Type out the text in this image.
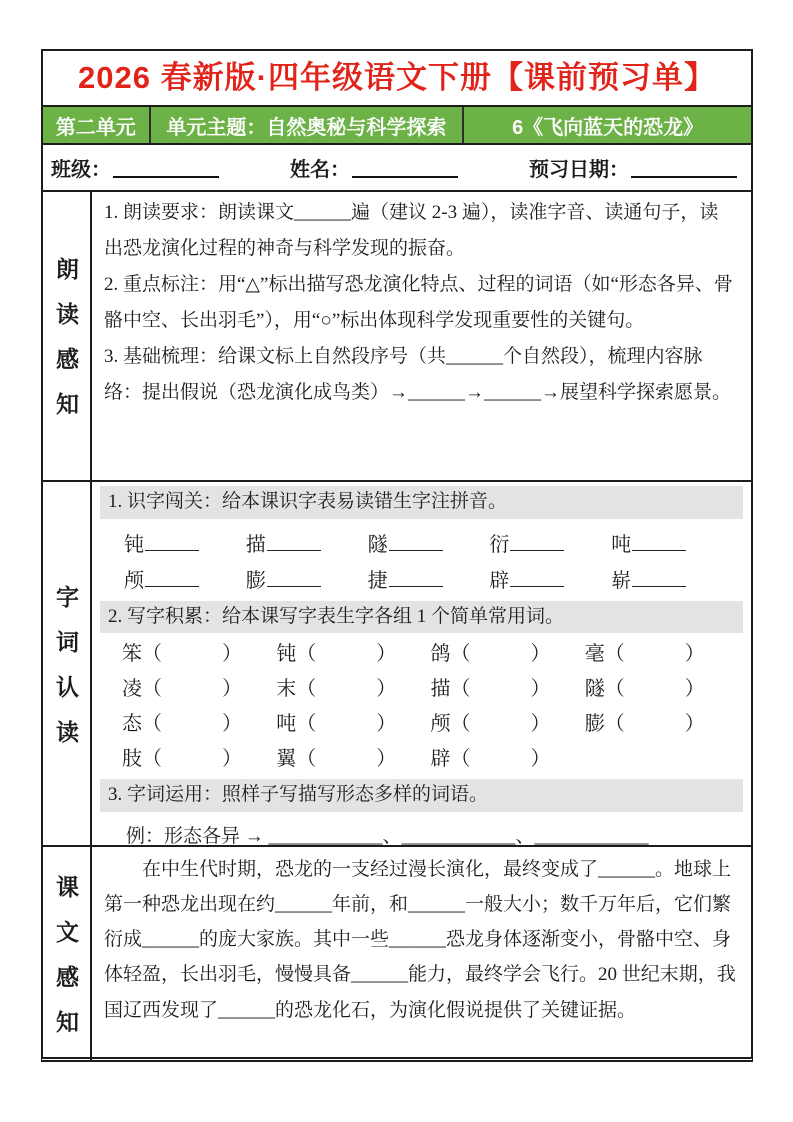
2026 春新版·四年级语文下册【课前预习单】
第二单元	单元主题：自然奥秘与科学探索	6《飞向蓝天的恐龙》
班级：	姓名：	预习日期：
朗读感知

1. 朗读要求：朗读课文______遍（建议 2-3 遍），读准字音、读通句子，读出恐龙演化过程的神奇与科学发现的振奋。

2. 重点标注：用“△”标出描写恐龙演化特点、过程的词语（如“形态各异、骨骼中空、长出羽毛”），用“○”标出体现科学发现重要性的关键句。

3. 基础梳理：给课文标上自然段序号（共______个自然段），梳理内容脉络：提出假说（恐龙演化成鸟类）→______→______→展望科学探索愿景。

字词认读
1. 识字闯关：给本课识字表易读错生字注拼音。
钝	描	隧	衍	吨
颅	膨	捷	辟	崭
2. 写字积累：给本课写字表生字各组 1 个简单常用词。
笨（　　　）	钝（　　　）	鸽（　　　）	毫（　　　）
凌（　　　）	末（　　　）	描（　　　）	隧（　　　）
态（　　　）	吨（　　　）	颅（　　　）	膨（　　　）
肢（　　　）	翼（　　　）	辟（　　　）
3. 字词运用：照样子写描写形态多样的词语。
例：形态各异 → ____________、____________、____________
课文感知

在中生代时期，恐龙的一支经过漫长演化，最终变成了______。地球上第一种恐龙出现在约______年前，和______一般大小；数千万年后，它们繁衍成______的庞大家族。其中一些______恐龙身体逐渐变小，骨骼中空、身体轻盈，长出羽毛，慢慢具备______能力，最终学会飞行。20 世纪末期，我国辽西发现了______的恐龙化石，为演化假说提供了关键证据。
